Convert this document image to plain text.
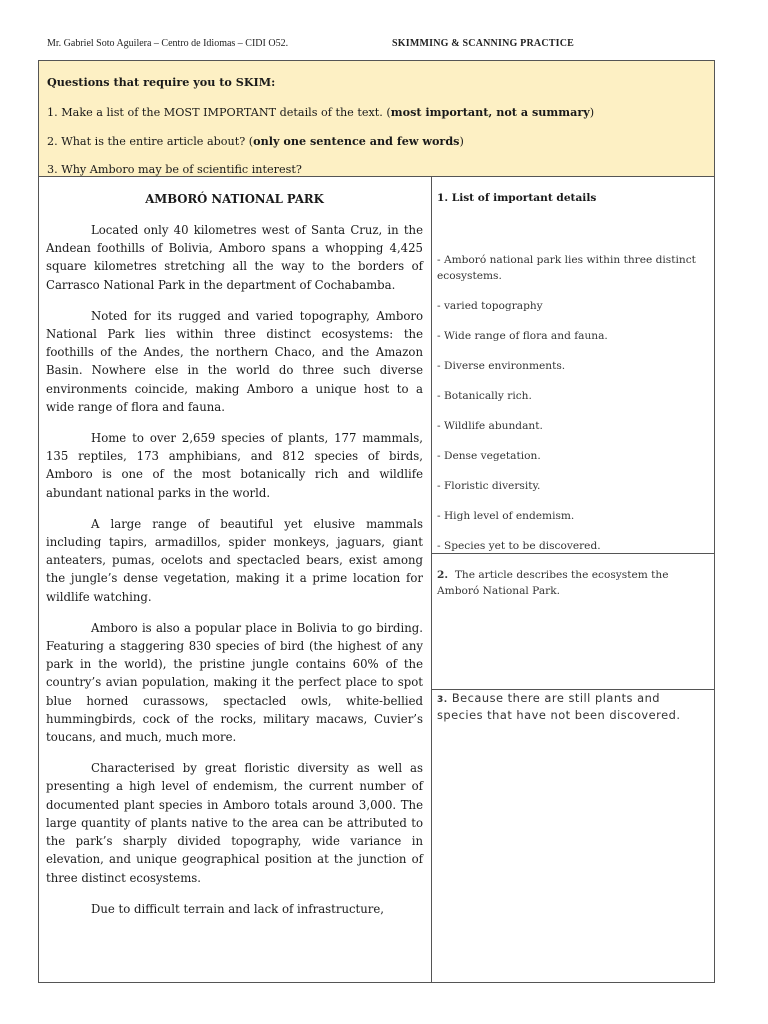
Mr. Gabriel Soto Aguilera – Centro de Idiomas – CIDI O52.	SKIMMING & SCANNING PRACTICE

Questions that require you to SKIM:

1. Make a list of the MOST IMPORTANT details of the text. (most important, not a summary)

2. What is the entire article about? (only one sentence and few words)

3. Why Amboro may be of scientific interest?

AMBORÓ NATIONAL PARK

Located only 40 kilometres west of Santa Cruz, in the Andean foothills of Bolivia, Amboro spans a whopping 4,425 square kilometres stretching all the way to the borders of Carrasco National Park in the department of Cochabamba.

Noted for its rugged and varied topography, Amboro National Park lies within three distinct ecosystems: the foothills of the Andes, the northern Chaco, and the Amazon Basin. Nowhere else in the world do three such diverse environments coincide, making Amboro a unique host to a wide range of flora and fauna.

Home to over 2,659 species of plants, 177 mammals, 135 reptiles, 173 amphibians, and 812 species of birds, Amboro is one of the most botanically rich and wildlife abundant national parks in the world.

A large range of beautiful yet elusive mammals including tapirs, armadillos, spider monkeys, jaguars, giant anteaters, pumas, ocelots and spectacled bears, exist among the jungle’s dense vegetation, making it a prime location for wildlife watching.

Amboro is also a popular place in Bolivia to go birding. Featuring a staggering 830 species of bird (the highest of any park in the world), the pristine jungle contains 60% of the country’s avian population, making it the perfect place to spot blue horned curassows, spectacled owls, white-bellied hummingbirds, cock of the rocks, military macaws, Cuvier’s toucans, and much, much more.

Characterised by great floristic diversity as well as presenting a high level of endemism, the current number of documented plant species in Amboro totals around 3,000. The large quantity of plants native to the area can be attributed to the park’s sharply divided topography, wide variance in elevation, and unique geographical position at the junction of three distinct ecosystems.

Due to difficult terrain and lack of infrastructure,

1. List of important details

- Amboró national park lies within three distinct ecosystems.

- varied topography

- Wide range of flora and fauna.

- Diverse environments.

- Botanically rich.

- Wildlife abundant.

- Dense vegetation.

- Floristic diversity.

- High level of endemism.

- Species yet to be discovered.

2. The article describes the ecosystem the Amboró National Park.
3. Because there are still plants and species that have not been discovered.
